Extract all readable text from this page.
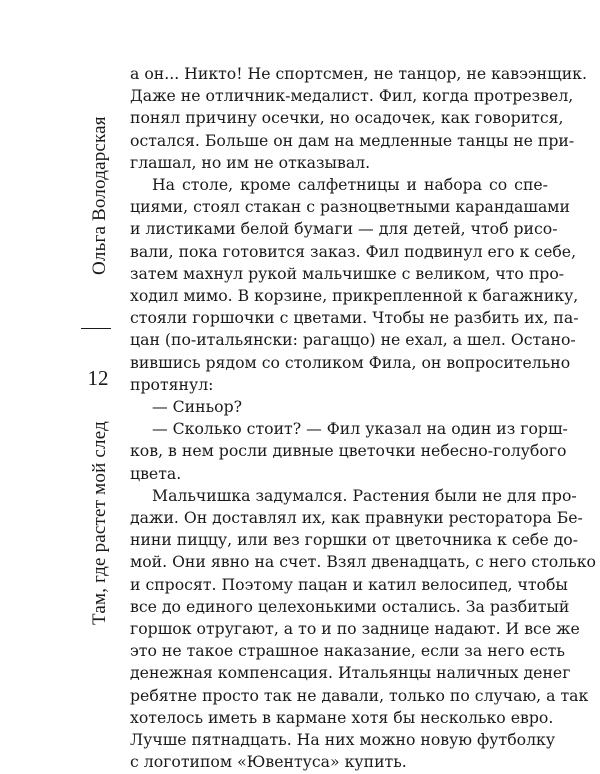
Ольга Володарская
12
Там, где растет мой след
а он... Никто! Не спортсмен, не танцор, не кавээнщик.
Даже не отличник-медалист. Фил, когда протрезвел,
понял причину осечки, но осадочек, как говорится,
остался. Больше он дам на медленные танцы не при-
глашал, но им не отказывал.
На столе, кроме салфетницы и набора со спе-
циями, стоял стакан с разноцветными карандашами
и листиками белой бумаги — для детей, чтоб рисо-
вали, пока готовится заказ. Фил подвинул его к себе,
затем махнул рукой мальчишке с великом, что про-
ходил мимо. В корзине, прикрепленной к багажнику,
стояли горшочки с цветами. Чтобы не разбить их, па-
цан (по-итальянски: рагаццо) не ехал, а шел. Остано-
вившись рядом со столиком Фила, он вопросительно
протянул:
— Синьор?
— Сколько стоит? — Фил указал на один из горш-
ков, в нем росли дивные цветочки небесно-голубого
цвета.
Мальчишка задумался. Растения были не для про-
дажи. Он доставлял их, как правнуки ресторатора Бе-
нини пиццу, или вез горшки от цветочника к себе до-
мой. Они явно на счет. Взял двенадцать, с него столько
и спросят. Поэтому пацан и катил велосипед, чтобы
все до единого целехонькими остались. За разбитый
горшок отругают, а то и по заднице надают. И все же
это не такое страшное наказание, если за него есть
денежная компенсация. Итальянцы наличных денег
ребятне просто так не давали, только по случаю, а так
хотелось иметь в кармане хотя бы несколько евро.
Лучше пятнадцать. На них можно новую футболку
с логотипом «Ювентуса» купить.
